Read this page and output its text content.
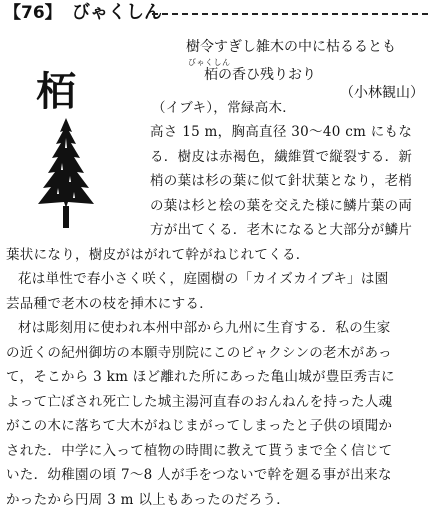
【76】 びゃくしん
栢
樹令すぎし雑木の中に枯るるとも
栢の香ひ残りおり
びゃくしん
（小林観山）
（イブキ），常緑高木．
高さ 15 m，胸高直径 30～40 cm にもな
る．樹皮は赤褐色，繊維質で縦裂する．新
梢の葉は杉の葉に似て針状葉となり，老梢
の葉は杉と桧の葉を交えた様に鱗片葉の両
方が出てくる．老木になると大部分が鱗片
葉状になり，樹皮がはがれて幹がねじれてくる．
花は単性で春小さく咲く，庭園樹の「カイズカイブキ」は園
芸品種で老木の枝を挿木にする．
材は彫刻用に使われ本州中部から九州に生育する．私の生家
の近くの紀州御坊の本願寺別院にこのビャクシンの老木があっ
て，そこから 3 km ほど離れた所にあった亀山城が豊臣秀吉に
よって亡ぼされ死亡した城主湯河直春のおんねんを持った人魂
がこの木に落ちて大木がねじまがってしまったと子供の頃聞か
された．中学に入って植物の時間に教えて貰うまで全く信じて
いた．幼稚園の頃 7～8 人が手をつないで幹を廻る事が出来な
かったから円周 3 m 以上もあったのだろう．
